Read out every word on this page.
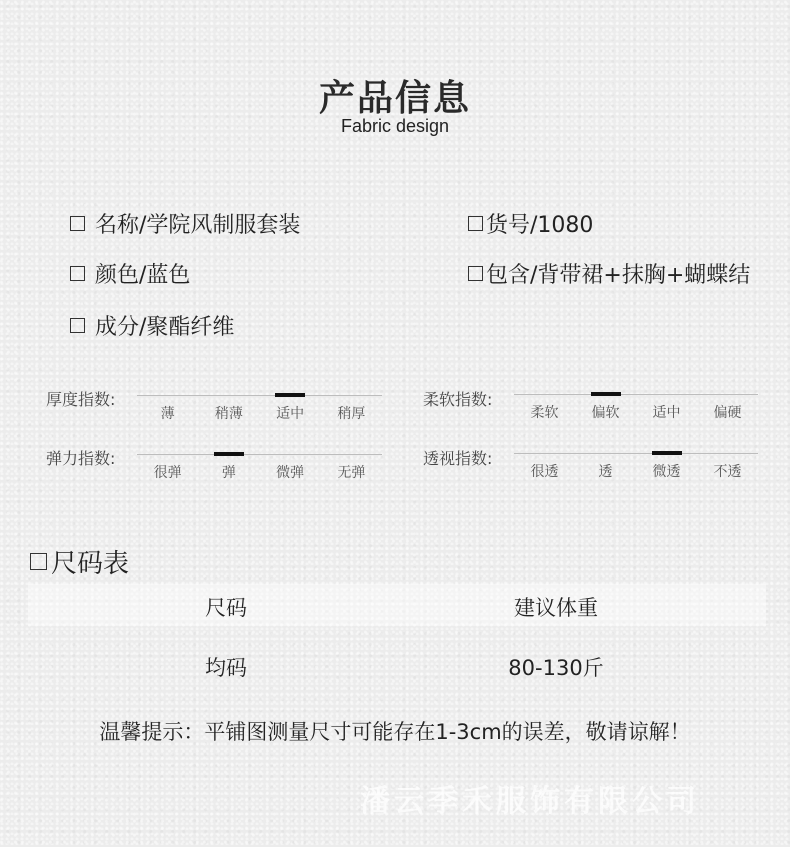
产品信息
Fabric design
名称/学院风制服套装	货号/1080
颜色/蓝色	包含/背带裙+抹胸+蝴蝶结
成分/聚酯纤维
厚度指数:
薄	稍薄	适中	稍厚
柔软指数:
柔软	偏软	适中	偏硬
弹力指数:
很弹	弹	微弹	无弹
透视指数:
很透	透	微透	不透
尺码表
尺码	建议体重
均码	80-130斤
温馨提示：平铺图测量尺寸可能存在1-3cm的误差，敬请谅解！
潘云季禾服饰有限公司
